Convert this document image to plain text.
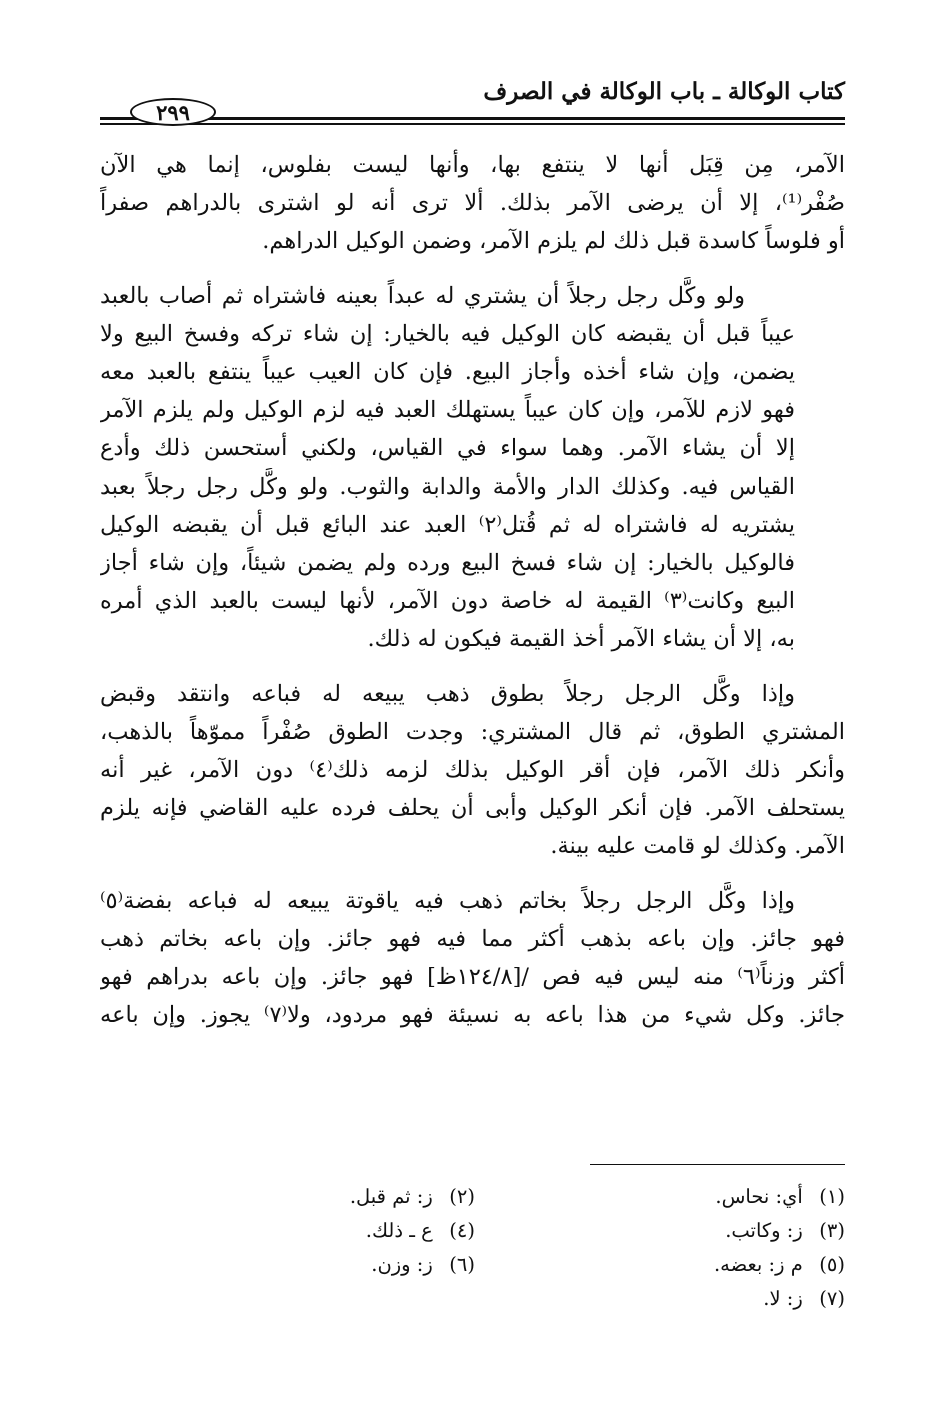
كتاب الوكالة ـ باب الوكالة في الصرف
٢٩٩

الآمر، مِن قِبَل أنها لا ينتفع بها، وأنها ليست بفلوس، إنما هي الآن
صُفْر⁽¹⁾، إلا أن يرضى الآمر بذلك. ألا ترى أنه لو اشترى بالدراهم صفراً
أو فلوساً كاسدة قبل ذلك لم يلزم الآمر، وضمن الوكيل الدراهم.

ولو وكَّل رجل رجلاً أن يشتري له عبداً بعينه فاشتراه ثم أصاب بالعبد
عيباً قبل أن يقبضه كان الوكيل فيه بالخيار: إن شاء تركه وفسخ البيع ولا
يضمن، وإن شاء أخذه وأجاز البيع. فإن كان العيب عيباً ينتفع بالعبد معه
فهو لازم للآمر، وإن كان عيباً يستهلك العبد فيه لزم الوكيل ولم يلزم الآمر
إلا أن يشاء الآمر. وهما سواء في القياس، ولكني أستحسن ذلك وأدع
القياس فيه. وكذلك الدار والأمة والدابة والثوب. ولو وكَّل رجل رجلاً بعبد
يشتريه له فاشتراه له ثم قُتل⁽٢⁾ العبد عند البائع قبل أن يقبضه الوكيل
فالوكيل بالخيار: إن شاء فسخ البيع ورده ولم يضمن شيئاً، وإن شاء أجاز
البيع وكانت⁽٣⁾ القيمة له خاصة دون الآمر، لأنها ليست بالعبد الذي أمره
به، إلا أن يشاء الآمر أخذ القيمة فيكون له ذلك.

وإذا وكَّل الرجل رجلاً بطوق ذهب يبيعه له فباعه وانتقد وقبض
المشتري الطوق، ثم قال المشتري: وجدت الطوق صُفْراً مموّهاً بالذهب،
وأنكر ذلك الآمر، فإن أقر الوكيل بذلك لزمه ذلك⁽٤⁾ دون الآمر، غير أنه
يستحلف الآمر. فإن أنكر الوكيل وأبى أن يحلف فرده عليه القاضي فإنه يلزم
الآمر. وكذلك لو قامت عليه بينة.

وإذا وكَّل الرجل رجلاً بخاتم ذهب فيه ياقوتة يبيعه له فباعه بفضة⁽٥⁾
فهو جائز. وإن باعه بذهب أكثر مما فيه فهو جائز. وإن باعه بخاتم ذهب
أكثر وزناً⁽٦⁾ منه ليس فيه فص /[١٢٤/٨ظ] فهو جائز. وإن باعه بدراهم فهو
جائز. وكل شيء من هذا باعه به نسيئة فهو مردود، ولا⁽٧⁾ يجوز. وإن باعه

(١) أي: نحاس.
(٢) ز: ثم قبل.
(٣) ز: وكاتب.
(٤) ع ـ ذلك.
(٥) م ز: بعضه.
(٦) ز: وزن.
(٧) ز: لا.
